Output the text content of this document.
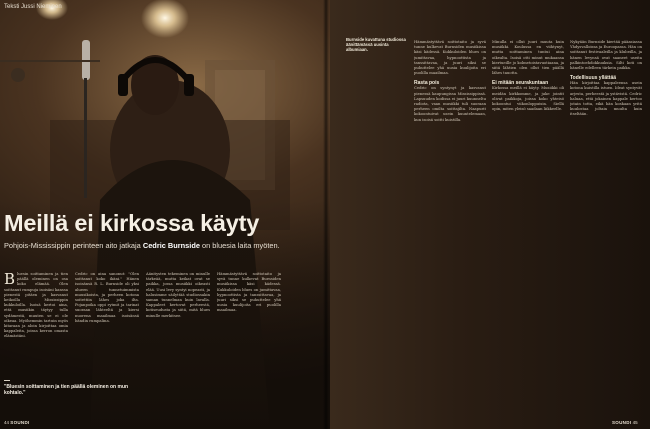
Teksti Jussi Nieminen

Burnside kuvattuna studiossa äänittämässä uusinta albumiaan.

Meillä ei kirkossa käyty

Pohjois-Mississippin perinteen aito jatkaja Cedric Burnside on bluesia laita myöten.

Bluesin soittaminen ja tien päällä oleminen on osa koko elämää. Olen soittanut rumpuja isoisäni kanssa pienestä pitäen ja kasvanut keikoilla Mississippin kukkuloilla. Isoisä kertoi aina, että musiikin täytyy tulla sydämestä, muuten se ei ole oikeaa. Myöhemmin tartuin myös kitaraan ja aloin kirjoittaa omia kappaleita, joissa kerron omasta elämästäni.
Cedric on aina sanonut: "Olen soittanut koko ikäni." Hänen isoisänsä R. L. Burnside oli yksi alueen tunnetuimmista muusikoista, ja perheen kotona soitettiin lähes joka ilta. Pojanpoika oppi rytmit ja tarinat suoraan lähteeltä ja kiersi nuorena maailmaa isoisänsä bändin rumpalina.
Äänitysten tekeminen on minulle tärkeää, mutta keikat ovat se paikka, jossa musiikki oikeasti elää. Uusi levy syntyi nopeasti, ja halusimme säilyttää studiossakin saman tunnelman kuin lavalla. Kappaleet kertovat perheestä, kotiseudusta ja siitä, mitä blues minulle merkitsee.
Hämmästyttävä soittotaito ja syvä tunne kulkevat Burnsiden musiikissa käsi kädessä. Kukkuloiden blues on jumittavaa, hypnoottista ja tanssittavaa, ja juuri siksi se puhuttelee yhä uusia kuulijoita eri puolilla maailmaa.

"Bluesin soittaminen ja tien päällä oleminen on mun kohtalo."

Hämmästyttävä soittotaito ja syvä tunne kulkevat Burnsiden musiikissa käsi kädessä. Kukkuloiden blues on jumittavaa, hypnoottista ja tanssittavaa, ja juuri siksi se puhuttelee yhä uusia kuulijoita eri puolilla maailmaa.
Rasta pois
Cedric on syntynyt ja kasvanut pienessä kaupungissa Mississippissä. Lapsuuden kodissa ei juuri kuunneltu radiota, vaan musiikki tuli suoraan perheen omilta soittajilta. Naapurit kokoontuivat usein kuuntelemaan, kun isoisä soitti kuistilla.
Minulla ei ollut juuri muuta kuin musiikki. Koulussa en viihtynyt, mutta soittaminen tuntui aina oikealta. Isoisä otti minut mukaansa kiertueille jo kolmetoistavuotiaana, ja siitä lähtien olen ollut tien päällä lähes tauotta.
Ei mitään seurakuntaan
Kirkossa meillä ei käyty. Musiikki oli meidän kirkkomme, ja juke jointit olivat paikkoja, joissa koko yhteisö kokoontui viikonloppuisin. Siellä opin, miten yleisö saadaan liikkeelle.
Nykyään Burnside kiertää pääasiassa Yhdysvalloissa ja Euroopassa. Hän on soittanut festivaaleilla ja klubeilla, ja hänen levynsä ovat saaneet useita palkintoehdokkuuksia. Silti koti on hänelle edelleen tärkein paikka.
Todellisuus yllättää
Hän kirjoittaa kappaleensa usein kotona kuistilla istuen. Ideat syntyvät arjesta, perheestä ja ystävistä. Cedric haluaa, että jokainen kappale kertoo jotain totta, eikä hän koskaan yritä kuulostaa joltain muulta kuin itseltään.

44 SOUNDI	SOUNDI 45
